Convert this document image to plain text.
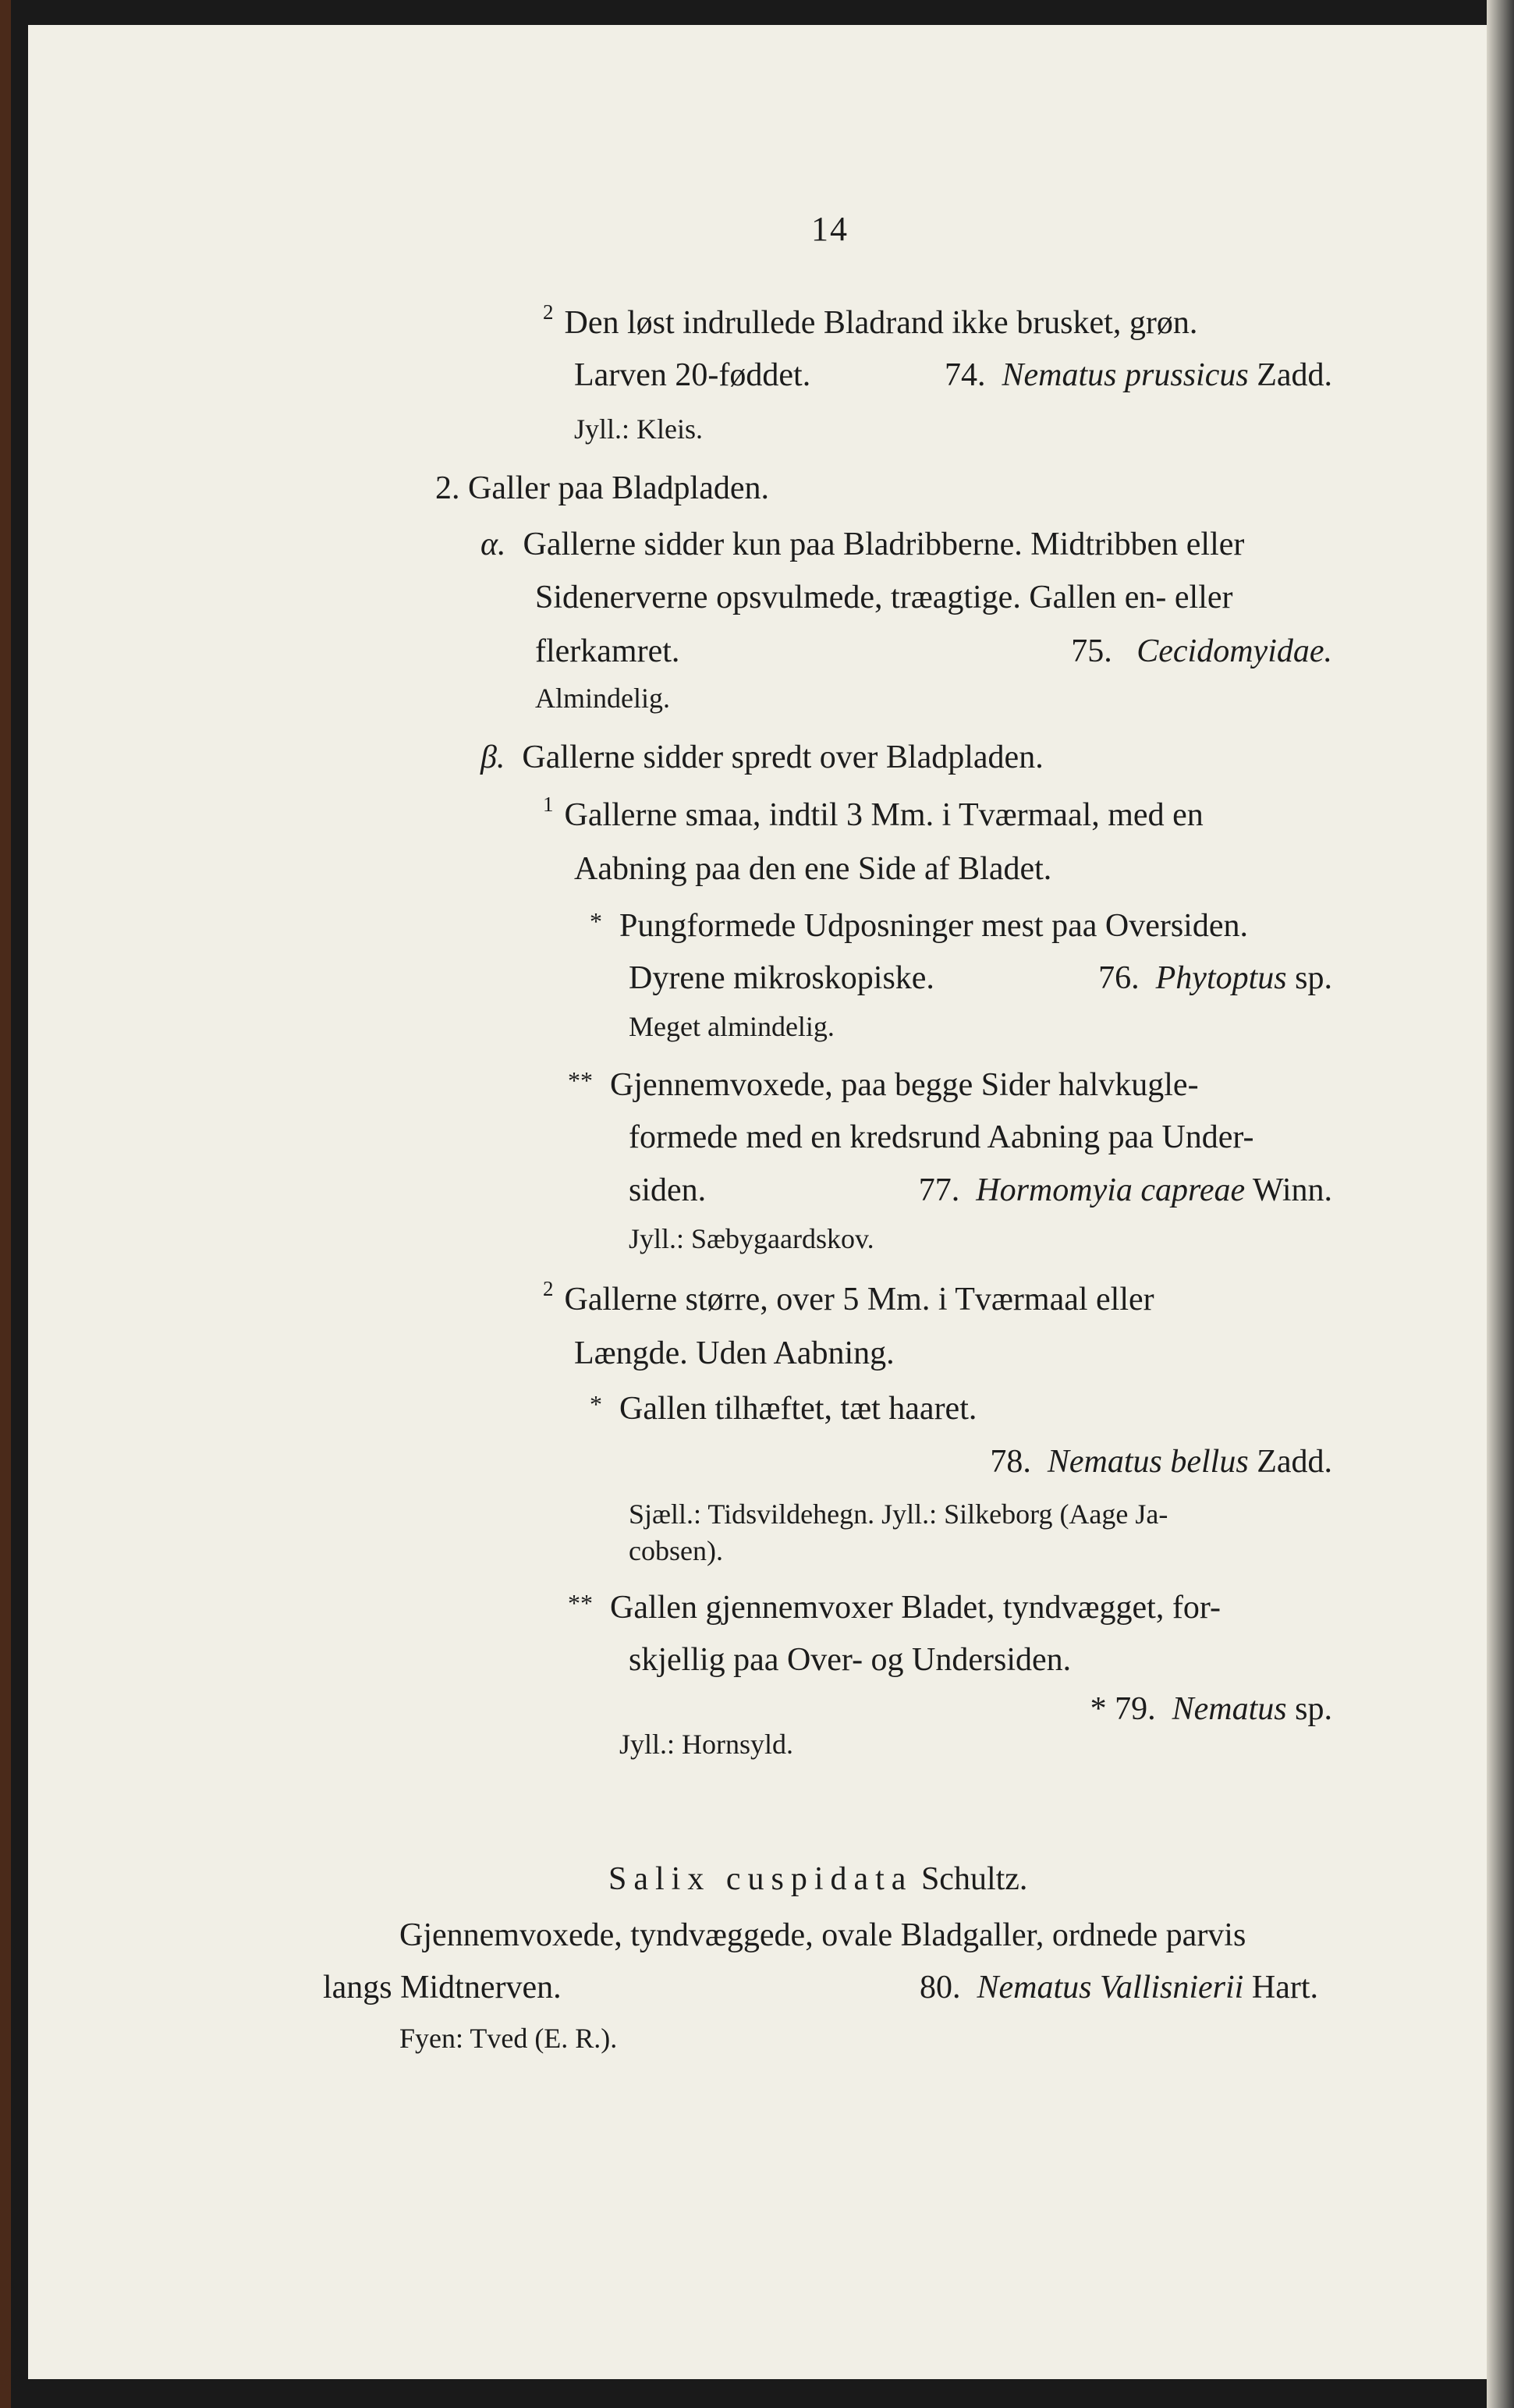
14
$^2$ Den løst indrullede Bladrand ikke brusket, grøn.
Larven 20-føddet.	74. Nematus prussicus Zadd.
Jyll.: Kleis.
2. Galler paa Bladpladen.
α. Gallerne sidder kun paa Bladribberne. Midtribben eller
Sidenerverne opsvulmede, træagtige. Gallen en- eller
flerkamret.	75. Cecidomyidae.
Almindelig.
β. Gallerne sidder spredt over Bladpladen.
$^1$ Gallerne smaa, indtil 3 Mm. i Tværmaal, med en
Aabning paa den ene Side af Bladet.
* Pungformede Udposninger mest paa Oversiden.
Dyrene mikroskopiske.	76. Phytoptus sp.
Meget almindelig.
** Gjennemvoxede, paa begge Sider halvkugle-
formede med en kredsrund Aabning paa Under-
siden.	77. Hormomyia capreae Winn.
Jyll.: Sæbygaardskov.
$^2$ Gallerne større, over 5 Mm. i Tværmaal eller
Længde. Uden Aabning.
* Gallen tilhæftet, tæt haaret.
78. Nematus bellus Zadd.
Sjæll.: Tidsvildehegn. Jyll.: Silkeborg (Aage Ja-
cobsen).
** Gallen gjennemvoxer Bladet, tyndvægget, for-
skjellig paa Over- og Undersiden.
* 79. Nematus sp.
Jyll.: Hornsyld.
Salix cuspidata Schultz.
Gjennemvoxede, tyndvæggede, ovale Bladgaller, ordnede parvis
langs Midtnerven.	80. Nematus Vallisnierii Hart.
Fyen: Tved (E. R.).
